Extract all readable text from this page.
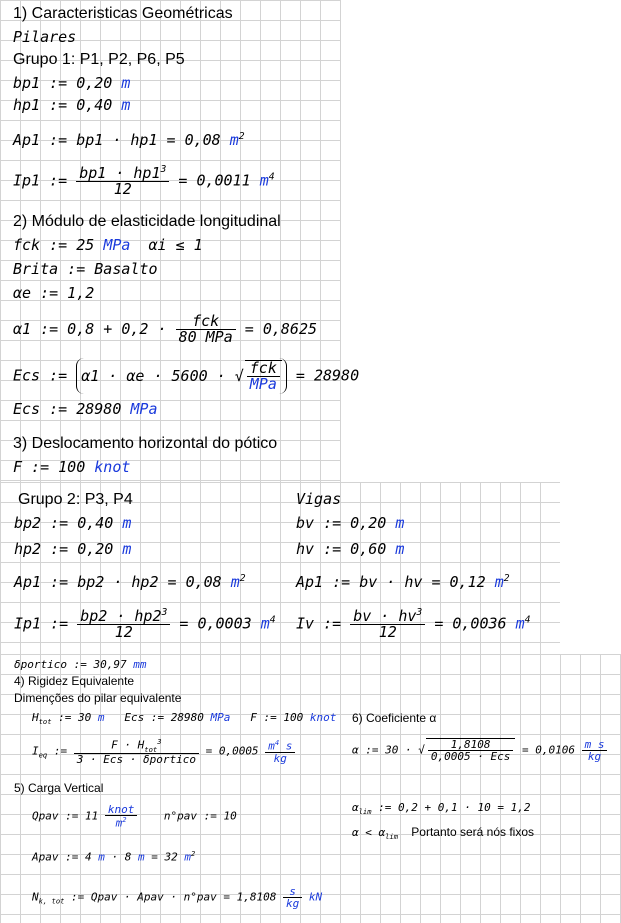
1) Caracteristicas Geométricas
Pilares
Grupo 1: P1, P2, P6, P5
bp1 := 0,20 m
hp1 := 0,40 m
Ap1 := bp1 · hp1 = 0,08 $m^2$
Ip1 := $\frac{bp1 \cdot hp1^3}{12} = 0,0011$ $m^4$
2) Módulo de elasticidade longitudinal
fck := 25 MPa αi ≤ 1
Brita := Basalto
αe := 1,2
α1 := $0,8 + 0,2 \cdot \frac{\text{fck}}{\text{80 MPa}} = 0,8625$
Ecs := α1 · αe · 5600 · √ $\frac{\text{fck}}{\text{MPa}} = 28980$
Ecs := 28980 MPa
3) Deslocamento horizontal do pótico
F := 100 knot
Grupo 2: P3, P4	Vigas
bp2 := 0,40 m	bv := 0,20 m
hp2 := 0,20 m	hv := 0,60 m
Ap1 := bp2 · hp2 = 0,08 $m^2$	Ap1 := bv · hv = 0,12 $m^2$
Ip1 := $\frac{bp2 \cdot hp2^3}{12} = 0,0003$ $m^4$ Iv := $\frac{bv \cdot hv^3}{12} = 0,0036$ $m^4$
δportico := 30,97 mm
4) Rigidez Equivalente
Dimenções do pilar equivalente
$H_{tot}$ := 30 m Ecs := 28980 MPa F := 100 knot 6) Coeficiente α
$I_{eq}$ := $\frac{F \cdot H_{tot}^3}{\text{3 · Ecs · δportico}} = 0,0005 \frac{m^4 s}{kg}$	α := 30 · √ $\frac{1,8108}{\text{0,0005 · Ecs}} = 0,0106 \frac{\text{m s}}{kg}$
5) Carga Vertical
Qpav := $11 \frac{\text{knot}}{m^2} n^\circ pav$ := 10
$\alpha_{lim}$ := 0,2 + 0,1 · 10 = 1,2
$\alpha < \alpha_{lim}$ Portanto será nós fixos
Apav := 4 m · 8 m = 32 $m^2$
$N_{k, tot}$ := Qpav · Apav · $n^\circ pav = 1,8108 \frac{s}{kg}$ kN
